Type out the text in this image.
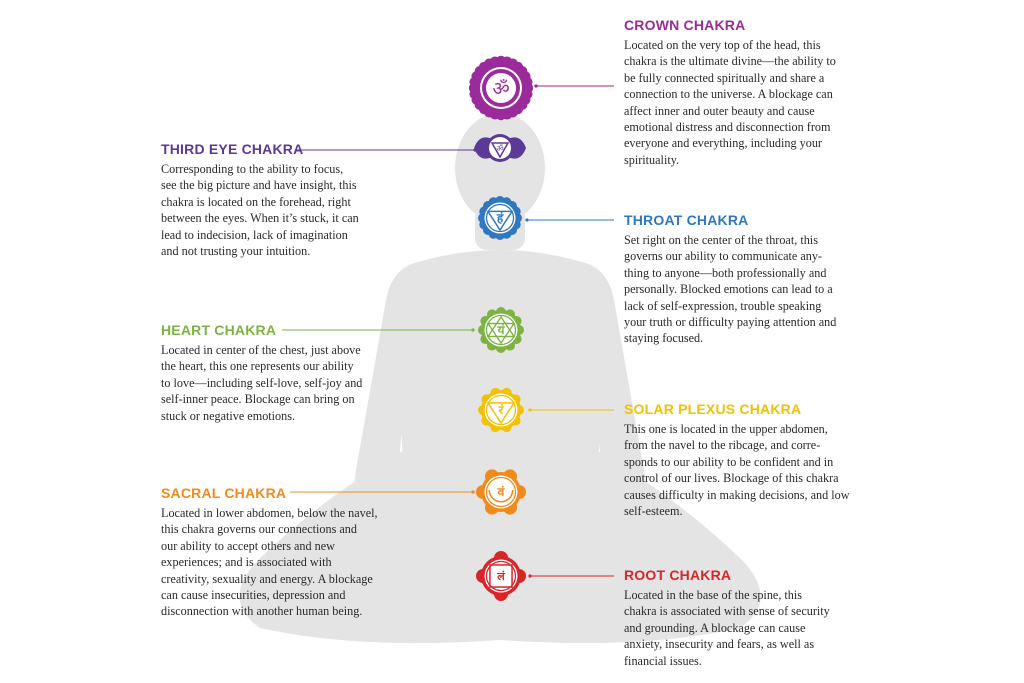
ॐ
ॐ
हं
यं
रं
वं
लं
CROWN CHAKRA
Located on the very top of the head, this
chakra is the ultimate divine—the ability to
be fully connected spiritually and share a
connection to the universe. A blockage can
affect inner and outer beauty and cause
emotional distress and disconnection from
everyone and everything, including your
spirituality.
THIRD EYE CHAKRA
Corresponding to the ability to focus,
see the big picture and have insight, this
chakra is located on the forehead, right
between the eyes. When it’s stuck, it can
lead to indecision, lack of imagination
and not trusting your intuition.
THROAT CHAKRA
Set right on the center of the throat, this
governs our ability to communicate any-
thing to anyone—both professionally and
personally. Blocked emotions can lead to a
lack of self-expression, trouble speaking
your truth or difficulty paying attention and
staying focused.
HEART CHAKRA
Located in center of the chest, just above
the heart, this one represents our ability
to love—including self-love, self-joy and
self-inner peace. Blockage can bring on
stuck or negative emotions.	SOLAR PLEXUS CHAKRA
This one is located in the upper abdomen,
from the navel to the ribcage, and corre-
sponds to our ability to be confident and in
control of our lives. Blockage of this chakra
causes difficulty in making decisions, and low
self-esteem.
SACRAL CHAKRA
Located in lower abdomen, below the navel,
this chakra governs our connections and
our ability to accept others and new
experiences; and is associated with
creativity, sexuality and energy. A blockage
can cause insecurities, depression and
disconnection with another human being.
ROOT CHAKRA
Located in the base of the spine, this
chakra is associated with sense of security
and grounding. A blockage can cause
anxiety, insecurity and fears, as well as
financial issues.
